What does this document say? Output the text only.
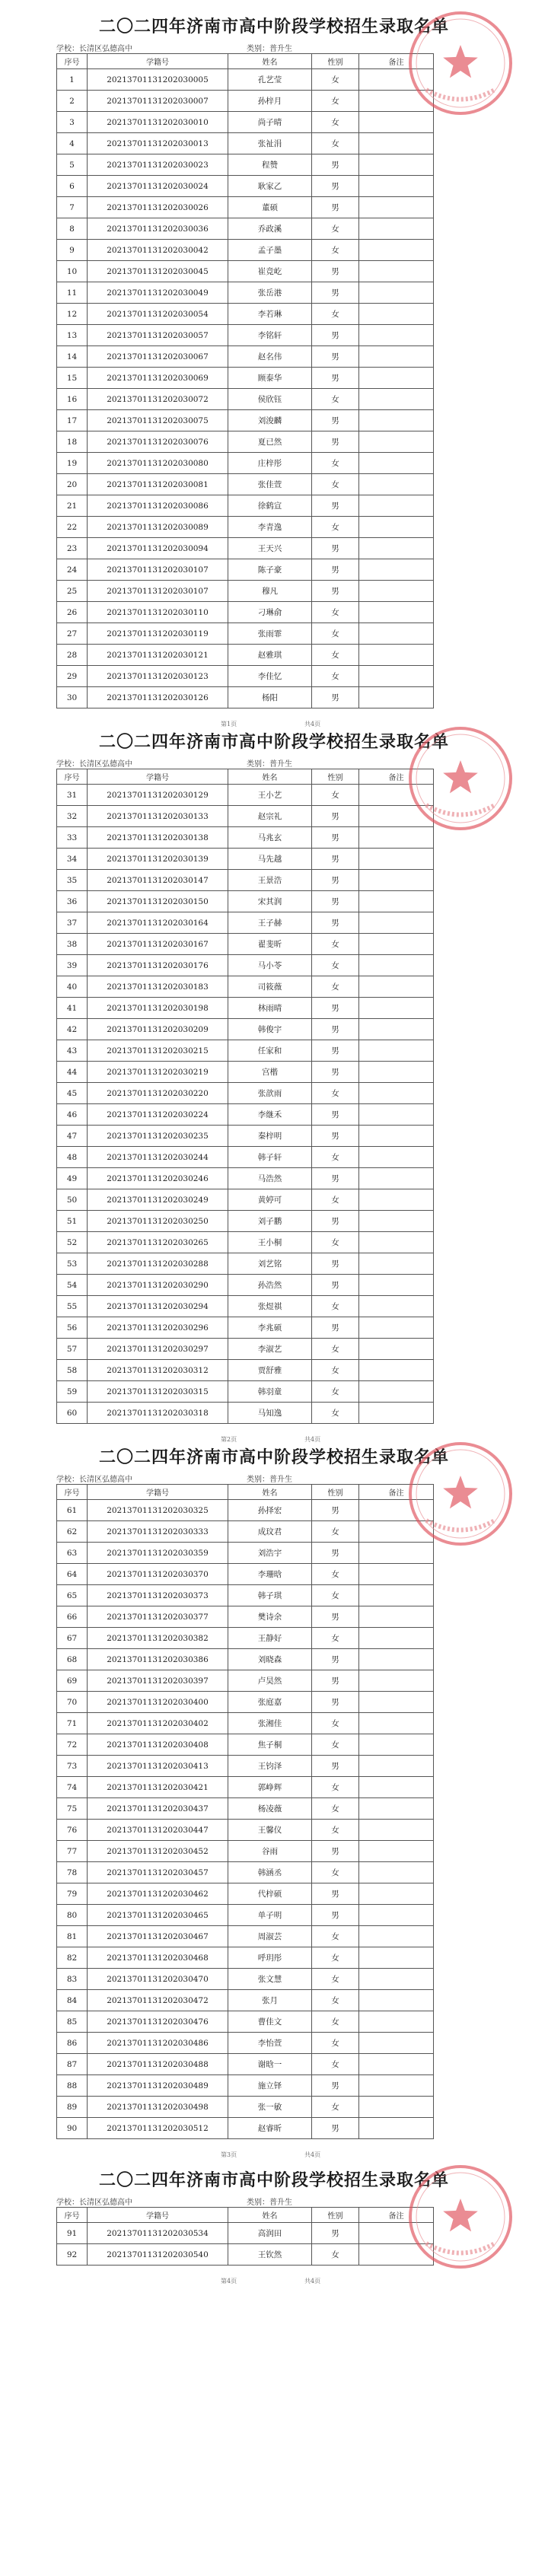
二〇二四年济南市高中阶段学校招生录取名单
学校：长清区弘德高中	类别：普升生
序号	学籍号	姓名	性别	备注
1	20213701131202030005	孔艺莹	女	
2	20213701131202030007	孙梓月	女	
3	20213701131202030010	尚子晴	女	
4	20213701131202030013	张祉涓	女	
5	20213701131202030023	程赞	男	
6	20213701131202030024	耿家乙	男	
7	20213701131202030026	董硕	男	
8	20213701131202030036	乔政溪	女	
9	20213701131202030042	孟子墨	女	
10	20213701131202030045	崔竞屹	男	
11	20213701131202030049	张岳港	男	
12	20213701131202030054	李若琳	女	
13	20213701131202030057	李铭轩	男	
14	20213701131202030067	赵名伟	男	
15	20213701131202030069	顾泰华	男	
16	20213701131202030072	侯欣钰	女	
17	20213701131202030075	刘浚麟	男	
18	20213701131202030076	夏已然	男	
19	20213701131202030080	庄梓彤	女	
20	20213701131202030081	张佳萱	女	
21	20213701131202030086	徐鹤宣	男	
22	20213701131202030089	李青逸	女	
23	20213701131202030094	王天兴	男	
24	20213701131202030107	陈子豪	男	
25	20213701131202030107	穆凡	男	
26	20213701131202030110	刁琳俞	女	
27	20213701131202030119	张雨霏	女	
28	20213701131202030121	赵雅琪	女	
29	20213701131202030123	李佳忆	女	
30	20213701131202030126	杨阳	男	
第1页	共4页
二〇二四年济南市高中阶段学校招生录取名单
学校：长清区弘德高中	类别：普升生
序号	学籍号	姓名	性别	备注
31	20213701131202030129	王小艺	女	
32	20213701131202030133	赵宗礼	男	
33	20213701131202030138	马兆玄	男	
34	20213701131202030139	马先越	男	
35	20213701131202030147	王景浩	男	
36	20213701131202030150	宋其润	男	
37	20213701131202030164	王子赫	男	
38	20213701131202030167	翟斐昕	女	
39	20213701131202030176	马小苓	女	
40	20213701131202030183	司筱薇	女	
41	20213701131202030198	林雨晴	男	
42	20213701131202030209	韩俊宇	男	
43	20213701131202030215	任家和	男	
44	20213701131202030219	宫楷	男	
45	20213701131202030220	张歆雨	女	
46	20213701131202030224	李继禾	男	
47	20213701131202030235	秦梓明	男	
48	20213701131202030244	韩子轩	女	
49	20213701131202030246	马浩然	男	
50	20213701131202030249	黄婷可	女	
51	20213701131202030250	刘子鹏	男	
52	20213701131202030265	王小桐	女	
53	20213701131202030288	刘艺铭	男	
54	20213701131202030290	孙浩然	男	
55	20213701131202030294	张煜祺	女	
56	20213701131202030296	李兆硕	男	
57	20213701131202030297	李淑艺	女	
58	20213701131202030312	贾舒雅	女	
59	20213701131202030315	韩羽童	女	
60	20213701131202030318	马知逸	女	
第2页	共4页
二〇二四年济南市高中阶段学校招生录取名单
学校：长清区弘德高中	类别：普升生
序号	学籍号	姓名	性别	备注
61	20213701131202030325	孙择宏	男	
62	20213701131202030333	成玟君	女	
63	20213701131202030359	刘浩宇	男	
64	20213701131202030370	李珊晗	女	
65	20213701131202030373	韩子琪	女	
66	20213701131202030377	樊诗余	男	
67	20213701131202030382	王静好	女	
68	20213701131202030386	刘晓森	男	
69	20213701131202030397	卢昊然	男	
70	20213701131202030400	张庭嘉	男	
71	20213701131202030402	张湘佳	女	
72	20213701131202030408	焦子桐	女	
73	20213701131202030413	王钧泽	男	
74	20213701131202030421	郭峥辉	女	
75	20213701131202030437	杨凌薇	女	
76	20213701131202030447	王馨仪	女	
77	20213701131202030452	谷雨	男	
78	20213701131202030457	韩涵丞	女	
79	20213701131202030462	代梓硕	男	
80	20213701131202030465	单子明	男	
81	20213701131202030467	周淑芸	女	
82	20213701131202030468	呼玥彤	女	
83	20213701131202030470	张文慧	女	
84	20213701131202030472	张月	女	
85	20213701131202030476	曹佳文	女	
86	20213701131202030486	李怡萱	女	
87	20213701131202030488	谢晗一	女	
88	20213701131202030489	施立铎	男	
89	20213701131202030498	张一敏	女	
90	20213701131202030512	赵睿昕	男	
第3页	共4页
二〇二四年济南市高中阶段学校招生录取名单
学校：长清区弘德高中	类别：普升生
序号	学籍号	姓名	性别	备注
91	20213701131202030534	高润田	男	
92	20213701131202030540	王钦然	女	
第4页	共4页
